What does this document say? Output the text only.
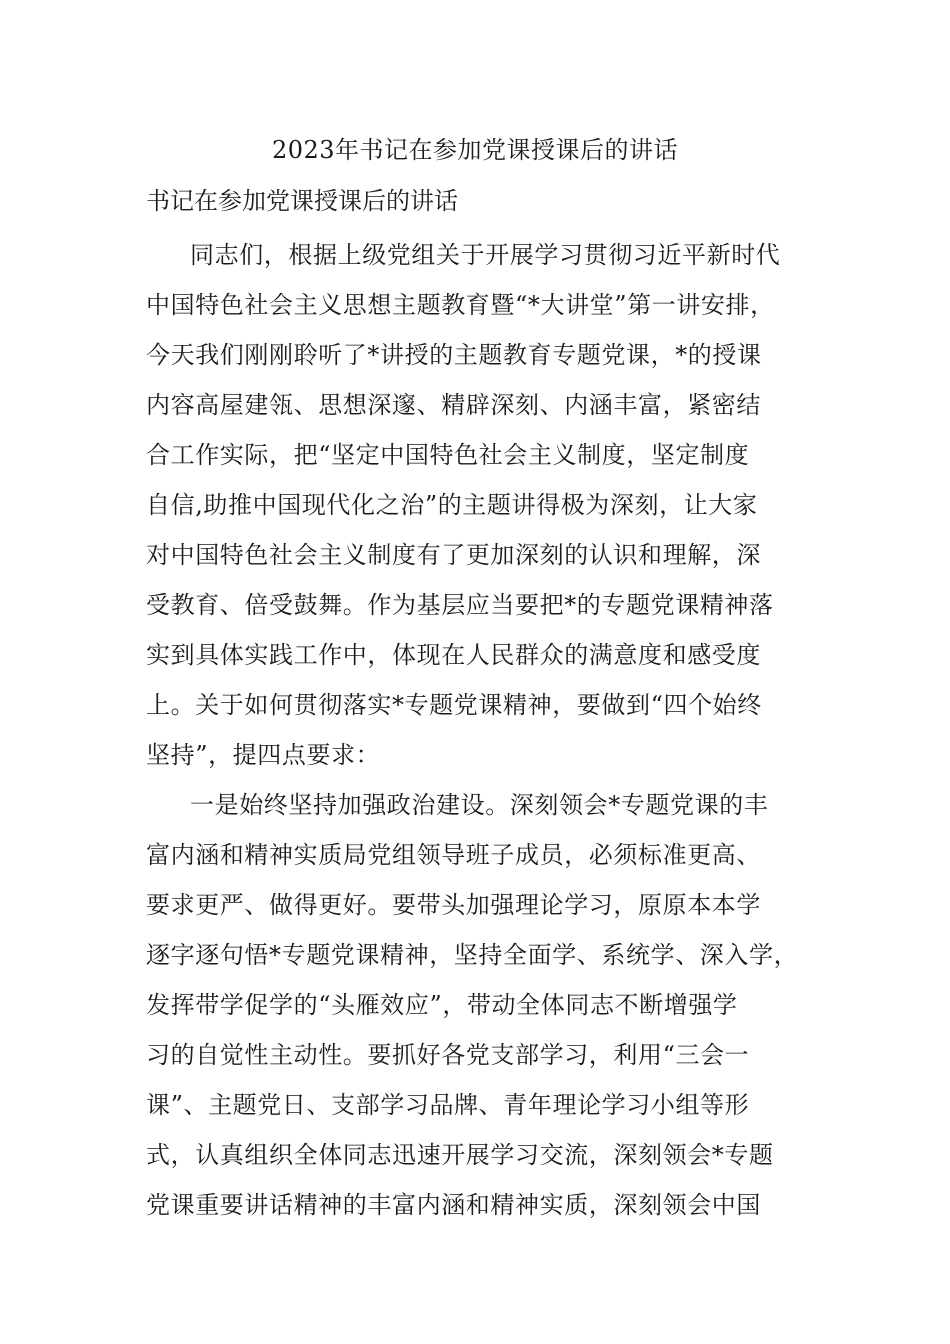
2023年书记在参加党课授课后的讲话
书记在参加党课授课后的讲话
同志们，根据上级党组关于开展学习贯彻习近平新时代
中国特色社会主义思想主题教育暨“*大讲堂”第一讲安排，
今天我们刚刚聆听了*讲授的主题教育专题党课，*的授课
内容高屋建瓴、思想深邃、精辟深刻、内涵丰富，紧密结
合工作实际，把“坚定中国特色社会主义制度，坚定制度
自信,助推中国现代化之治”的主题讲得极为深刻，让大家
对中国特色社会主义制度有了更加深刻的认识和理解，深
受教育、倍受鼓舞。作为基层应当要把*的专题党课精神落
实到具体实践工作中，体现在人民群众的满意度和感受度
上。关于如何贯彻落实*专题党课精神，要做到“四个始终
坚持”，提四点要求：
一是始终坚持加强政治建设。深刻领会*专题党课的丰
富内涵和精神实质局党组领导班子成员，必须标准更高、
要求更严、做得更好。要带头加强理论学习，原原本本学
逐字逐句悟*专题党课精神，坚持全面学、系统学、深入学，
发挥带学促学的“头雁效应”，带动全体同志不断增强学
习的自觉性主动性。要抓好各党支部学习，利用“三会一
课”、主题党日、支部学习品牌、青年理论学习小组等形
式，认真组织全体同志迅速开展学习交流，深刻领会*专题
党课重要讲话精神的丰富内涵和精神实质，深刻领会中国
